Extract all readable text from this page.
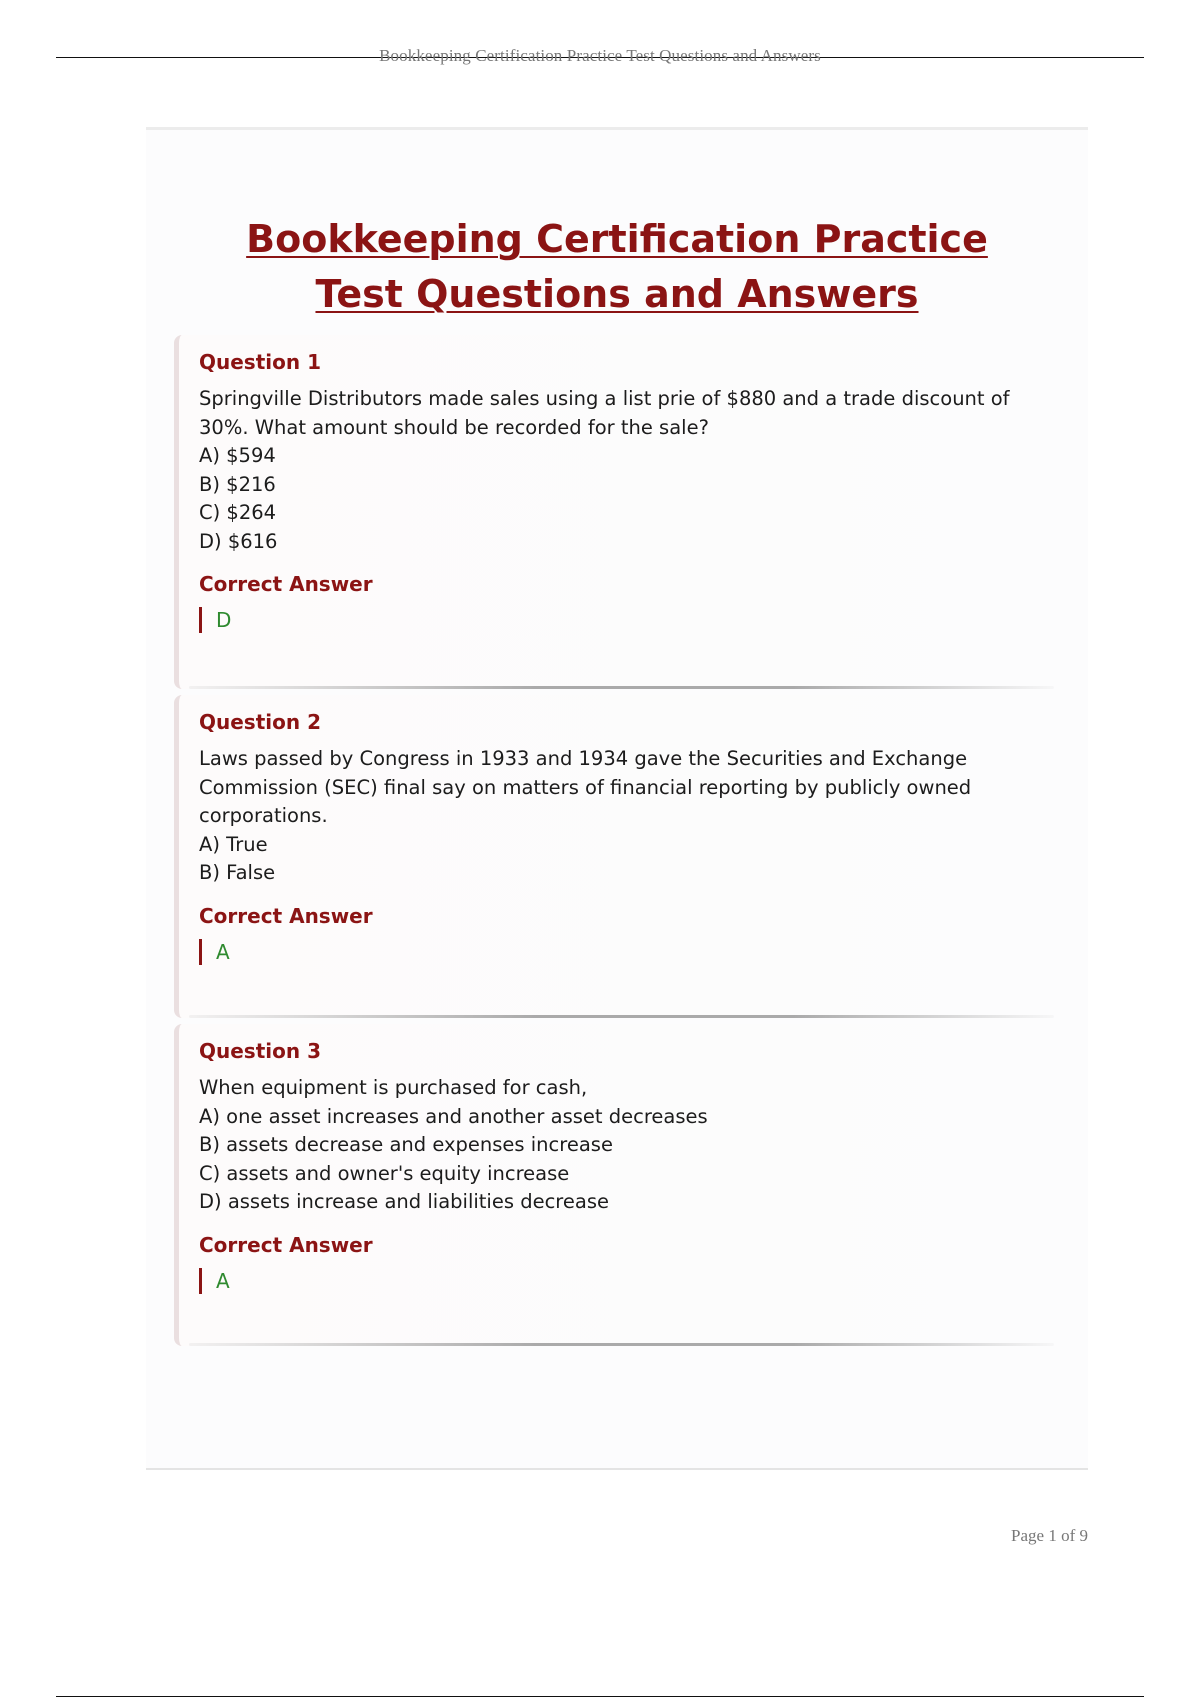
Bookkeeping Certification Practice Test Questions and Answers
Bookkeeping Certification Practice Test Questions and Answers
Question 1
Springville Distributors made sales using a list prie of $880 and a trade discount of 30%. What amount should be recorded for the sale?
A) $594
B) $216
C) $264
D) $616
Correct Answer
D
Question 2
Laws passed by Congress in 1933 and 1934 gave the Securities and Exchange Commission (SEC) final say on matters of financial reporting by publicly owned corporations.
A) True
B) False
Correct Answer
A
Question 3
When equipment is purchased for cash,
A) one asset increases and another asset decreases
B) assets decrease and expenses increase
C) assets and owner's equity increase
D) assets increase and liabilities decrease
Correct Answer
A
Page 1 of 9
